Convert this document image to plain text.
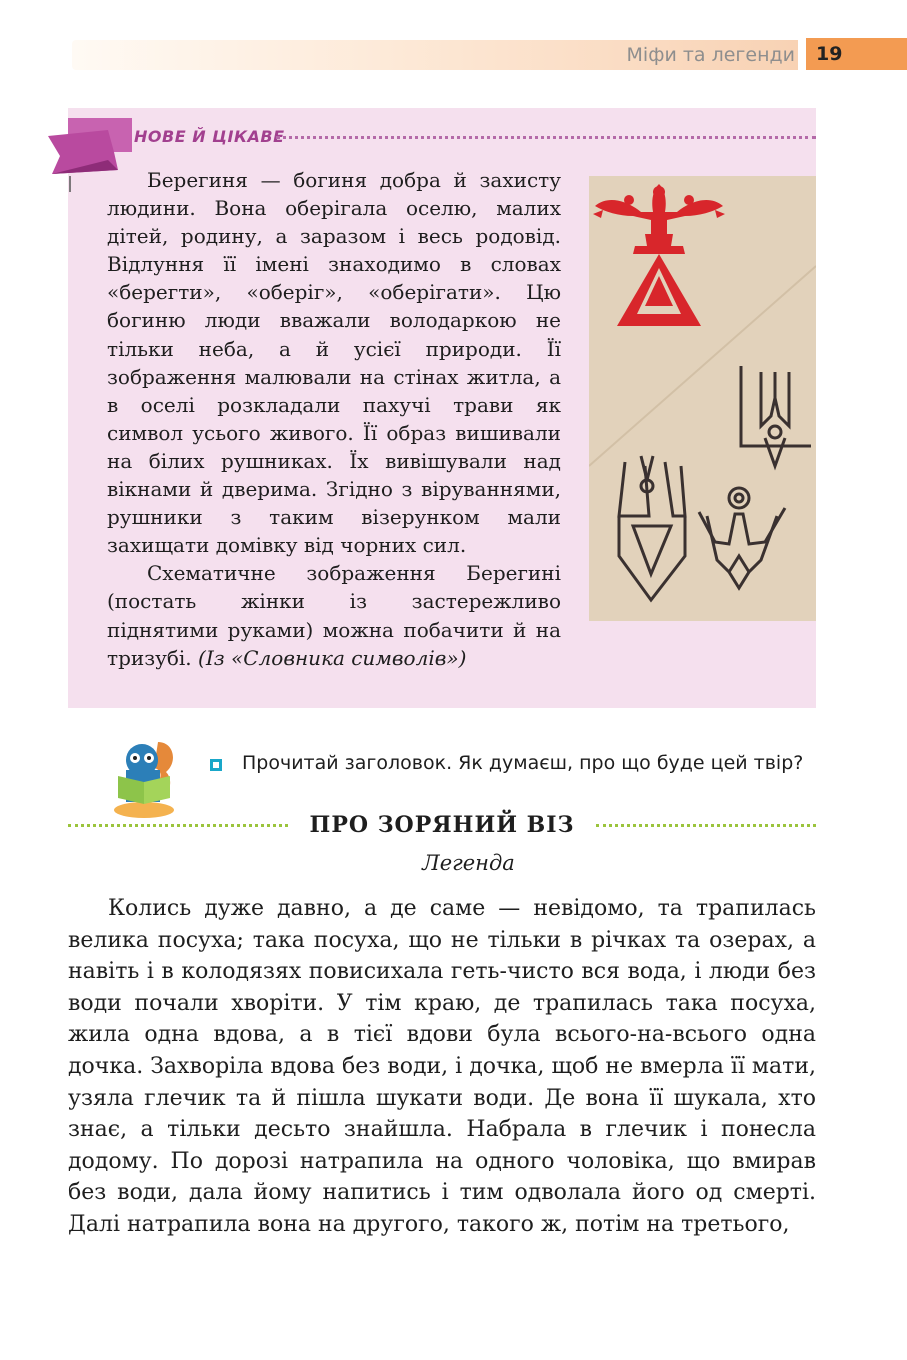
Міфи та легенди	19
НОВЕ Й ЦІКАВЕ

Берегиня — богиня добра й захисту людини. Вона оберігала оселю, малих дітей, родину, а заразом і весь родовід. Відлуння її імені знаходимо в словах «берегти», «оберіг», «оберігати». Цю богиню люди вважали володаркою не тільки неба, а й усієї природи. Її зображення малювали на стінах житла, а в оселі розкладали пахучі трави як символ усього живого. Її образ вишивали на білих рушниках. Їх вивішували над вікнами й дверима. Згідно з віруваннями, рушники з таким візерунком мали захищати домівку від чорних сил.

Схематичне зображення Берегині (постать жінки із застережливо піднятими руками) можна побачити й на тризубі. (Із «Словника символів»)

Прочитай заголовок. Як думаєш, про що буде цей твір?
ПРО ЗОРЯНИЙ ВІЗ
Легенда

Колись дуже давно, а де саме — невідомо, та трапилась велика посуха; така посуха, що не тільки в річках та озерах, а навіть і в колодязях повисихала геть-чисто вся вода, і люди без води почали хворіти. У тім краю, де трапилась така посуха, жила одна вдова, а в тієї вдови була всього-на-всього одна дочка. Захворіла вдова без води, і дочка, щоб не вмерла її мати, узяла глечик та й пішла шукати води. Де вона її шукала, хто знає, а тільки десьто знайшла. Набрала в глечик і понесла додому. По дорозі натрапила на одного чоловіка, що вмирав без води, дала йому напитись і тим одволала його од смерті. Далі натрапила вона на другого, такого ж, потім на третього,
